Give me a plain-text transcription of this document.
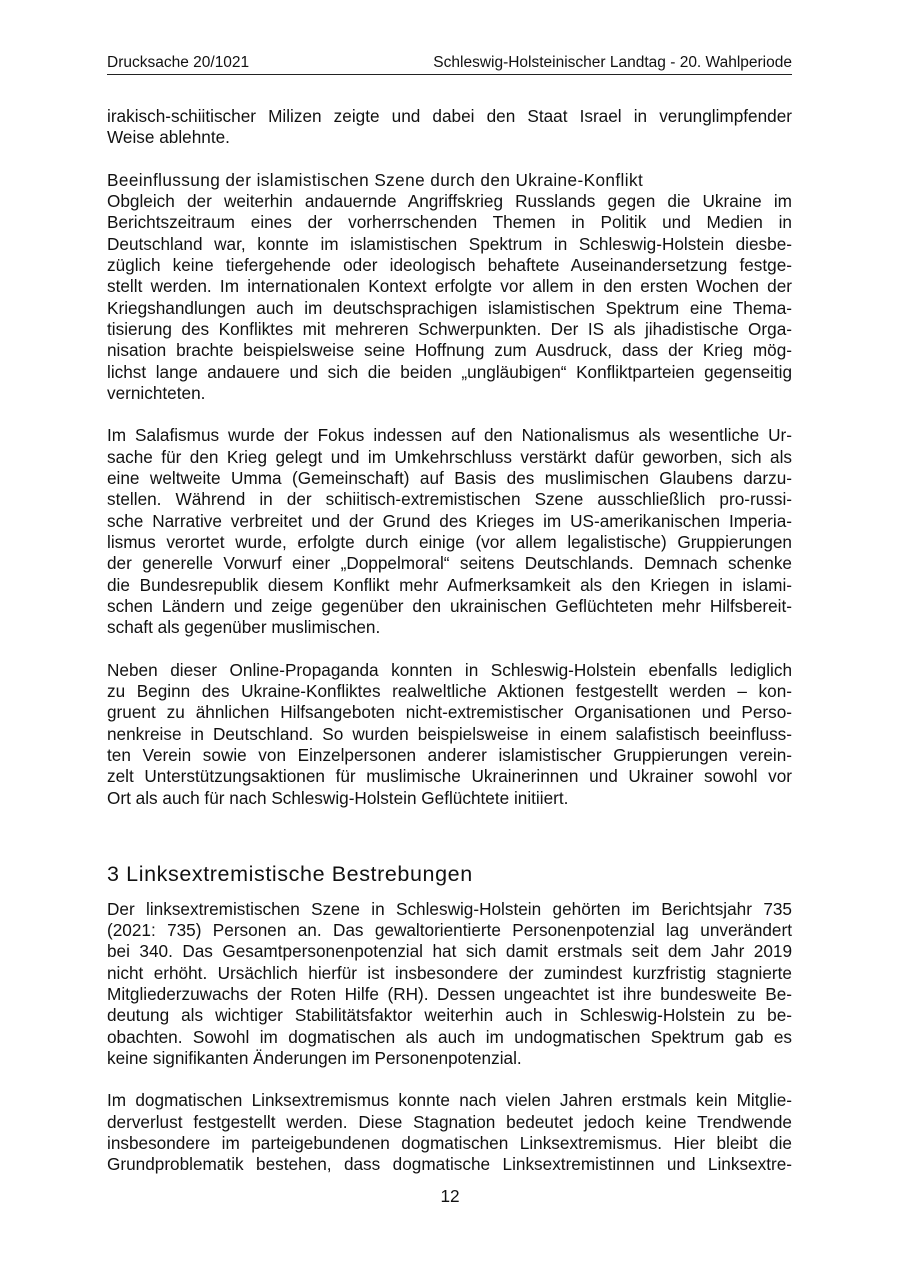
Drucksache 20/1021	Schleswig-Holsteinischer Landtag - 20. Wahlperiode

irakisch-schiitischer Milizen zeigte und dabei den Staat Israel in verunglimpfender
Weise ablehnte.

Beeinflussung der islamistischen Szene durch den Ukraine-Konflikt

Obgleich der weiterhin andauernde Angriffskrieg Russlands gegen die Ukraine im
Berichtszeitraum eines der vorherrschenden Themen in Politik und Medien in
Deutschland war, konnte im islamistischen Spektrum in Schleswig-Holstein diesbe-
züglich keine tiefergehende oder ideologisch behaftete Auseinandersetzung festge-
stellt werden. Im internationalen Kontext erfolgte vor allem in den ersten Wochen der
Kriegshandlungen auch im deutschsprachigen islamistischen Spektrum eine Thema-
tisierung des Konfliktes mit mehreren Schwerpunkten. Der IS als jihadistische Orga-
nisation brachte beispielsweise seine Hoffnung zum Ausdruck, dass der Krieg mög-
lichst lange andauere und sich die beiden „ungläubigen“ Konfliktparteien gegenseitig
vernichteten.

Im Salafismus wurde der Fokus indessen auf den Nationalismus als wesentliche Ur-
sache für den Krieg gelegt und im Umkehrschluss verstärkt dafür geworben, sich als
eine weltweite Umma (Gemeinschaft) auf Basis des muslimischen Glaubens darzu-
stellen. Während in der schiitisch-extremistischen Szene ausschließlich pro-russi-
sche Narrative verbreitet und der Grund des Krieges im US-amerikanischen Imperia-
lismus verortet wurde, erfolgte durch einige (vor allem legalistische) Gruppierungen
der generelle Vorwurf einer „Doppelmoral“ seitens Deutschlands. Demnach schenke
die Bundesrepublik diesem Konflikt mehr Aufmerksamkeit als den Kriegen in islami-
schen Ländern und zeige gegenüber den ukrainischen Geflüchteten mehr Hilfsbereit-
schaft als gegenüber muslimischen.

Neben dieser Online-Propaganda konnten in Schleswig-Holstein ebenfalls lediglich
zu Beginn des Ukraine-Konfliktes realweltliche Aktionen festgestellt werden – kon-
gruent zu ähnlichen Hilfsangeboten nicht-extremistischer Organisationen und Perso-
nenkreise in Deutschland. So wurden beispielsweise in einem salafistisch beeinfluss-
ten Verein sowie von Einzelpersonen anderer islamistischer Gruppierungen verein-
zelt Unterstützungsaktionen für muslimische Ukrainerinnen und Ukrainer sowohl vor
Ort als auch für nach Schleswig-Holstein Geflüchtete initiiert.

3 Linksextremistische Bestrebungen

Der linksextremistischen Szene in Schleswig-Holstein gehörten im Berichtsjahr 735
(2021: 735) Personen an. Das gewaltorientierte Personenpotenzial lag unverändert
bei 340. Das Gesamtpersonenpotenzial hat sich damit erstmals seit dem Jahr 2019
nicht erhöht. Ursächlich hierfür ist insbesondere der zumindest kurzfristig stagnierte
Mitgliederzuwachs der Roten Hilfe (RH). Dessen ungeachtet ist ihre bundesweite Be-
deutung als wichtiger Stabilitätsfaktor weiterhin auch in Schleswig-Holstein zu be-
obachten. Sowohl im dogmatischen als auch im undogmatischen Spektrum gab es
keine signifikanten Änderungen im Personenpotenzial.

Im dogmatischen Linksextremismus konnte nach vielen Jahren erstmals kein Mitglie-
derverlust festgestellt werden. Diese Stagnation bedeutet jedoch keine Trendwende
insbesondere im parteigebundenen dogmatischen Linksextremismus. Hier bleibt die
Grundproblematik bestehen, dass dogmatische Linksextremistinnen und Linksextre-

12
